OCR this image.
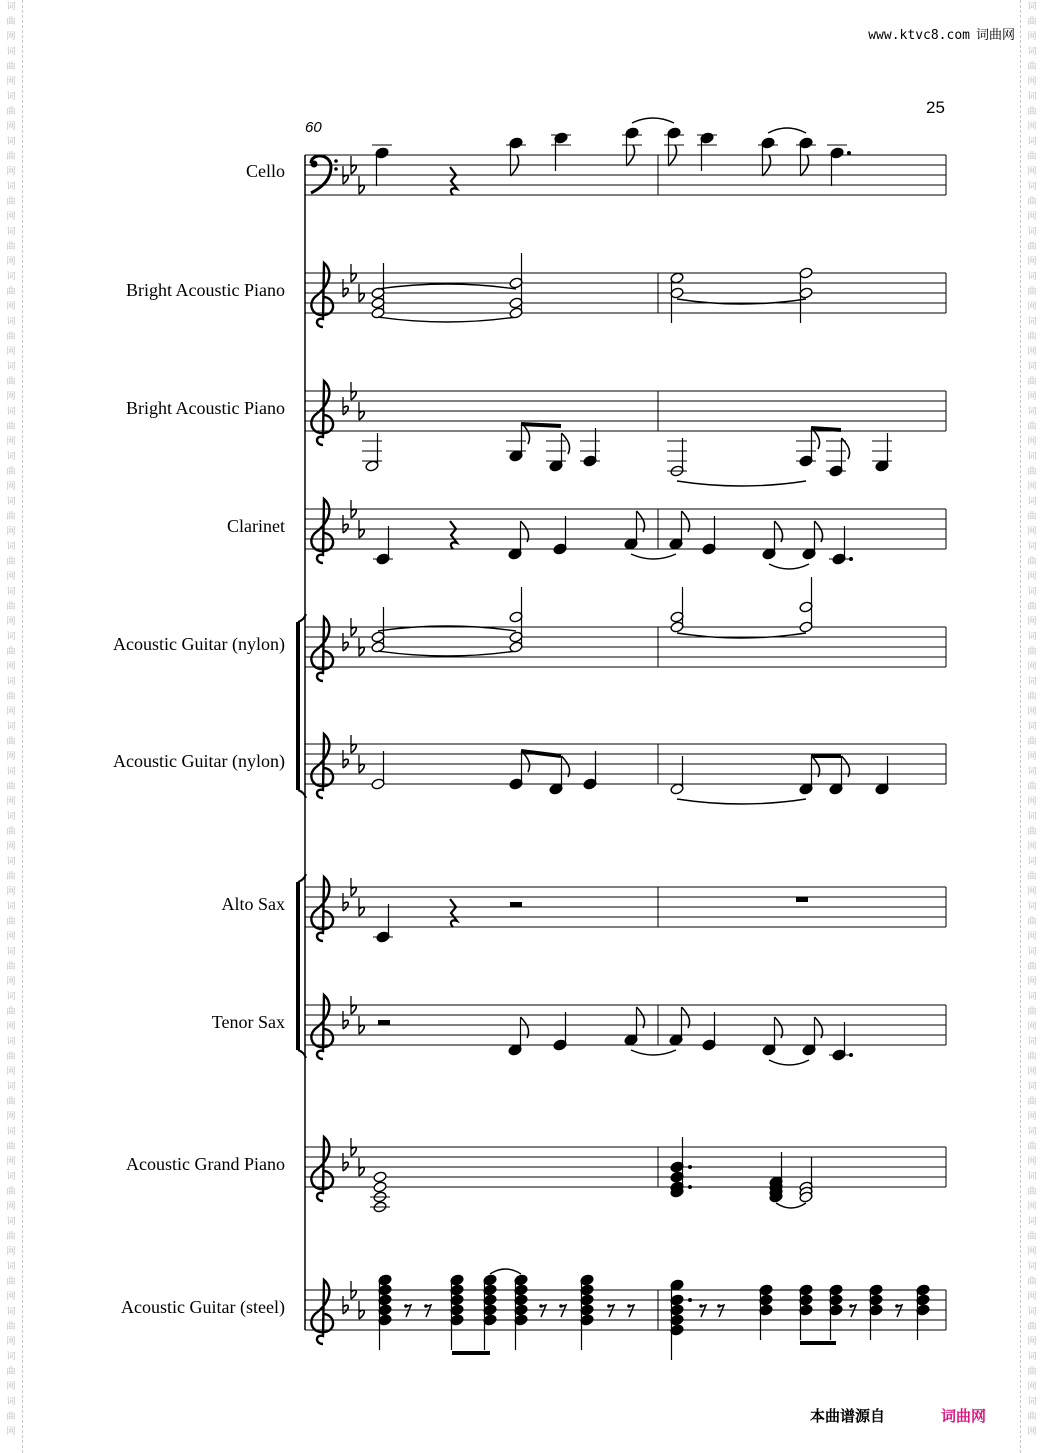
词
曲
网
词
曲
网
词
曲
网
词
曲
网
词
曲
网
词
曲
网
词
曲
网
词
曲
网
词
曲
网
词
曲
网
词
曲
网
词
曲
网
词
曲
网
词
曲
网
词
曲
网
词
曲
网
词
曲
网
词
曲
网
词
曲
网
词
曲
网
词
曲
网
词
曲
网
词
曲
网
词
曲
网
词
曲
网
词
曲
网
词
曲
网
词
曲
网
词
曲
网
词
曲
网
词
曲
网
词
曲
网
词
曲
网
词
曲
网
词
曲
网
词
曲
网
词
曲
网
词
曲
网
词
曲
网
词
曲
网
词
曲
网
词
曲
网
词
曲
网
词
曲
网
词
曲
网
词
曲
网
词
曲
网
词
曲
网
词
曲
网
词
曲
网
词
曲
网
词
曲
网
词
曲
网
词
曲
网
词
曲
网
词
曲
网
词
曲
网
词
曲
网
词
曲
网
词
曲
网
词
曲
网
词
曲
网
词
曲
网
词
曲
网
www.ktvc8.com 词曲网
25
60
Cello
Bright Acoustic Piano
Bright Acoustic Piano
Clarinet
Acoustic Guitar (nylon)
Acoustic Guitar (nylon)
Alto Sax
Tenor Sax
Acoustic Grand Piano
Acoustic Guitar (steel)
本曲谱源自	词曲网
